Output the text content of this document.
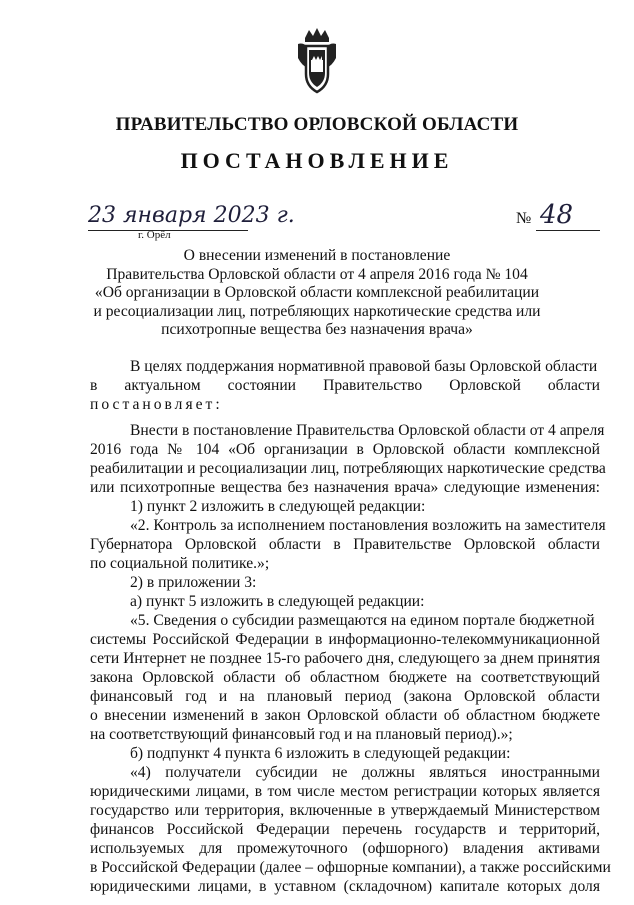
ПРАВИТЕЛЬСТВО ОРЛОВСКОЙ ОБЛАСТИ
ПОСТАНОВЛЕНИЕ
23 января 2023 г.
г. Орёл
№ 48
О внесении изменений в постановление
Правительства Орловской области от 4 апреля 2016 года № 104
«Об организации в Орловской области комплексной реабилитации
и ресоциализации лиц, потребляющих наркотические средства или
психотропные вещества без назначения врача»
В целях поддержания нормативной правовой базы Орловской области
в актуальном состоянии Правительство Орловской области
постановляет:
Внести в постановление Правительства Орловской области от 4 апреля
2016 года № 104 «Об организации в Орловской области комплексной
реабилитации и ресоциализации лиц, потребляющих наркотические средства
или психотропные вещества без назначения врача» следующие изменения:
1) пункт 2 изложить в следующей редакции:
«2. Контроль за исполнением постановления возложить на заместителя
Губернатора Орловской области в Правительстве Орловской области
по социальной политике.»;
2) в приложении 3:
а) пункт 5 изложить в следующей редакции:
«5. Сведения о субсидии размещаются на едином портале бюджетной
системы Российской Федерации в информационно-телекоммуникационной
сети Интернет не позднее 15-го рабочего дня, следующего за днем принятия
закона Орловской области об областном бюджете на соответствующий
финансовый год и на плановый период (закона Орловской области
о внесении изменений в закон Орловской области об областном бюджете
на соответствующий финансовый год и на плановый период).»;
б) подпункт 4 пункта 6 изложить в следующей редакции:
«4) получатели субсидии не должны являться иностранными
юридическими лицами, в том числе местом регистрации которых является
государство или территория, включенные в утверждаемый Министерством
финансов Российской Федерации перечень государств и территорий,
используемых для промежуточного (офшорного) владения активами
в Российской Федерации (далее – офшорные компании), а также российскими
юридическими лицами, в уставном (складочном) капитале которых доля
